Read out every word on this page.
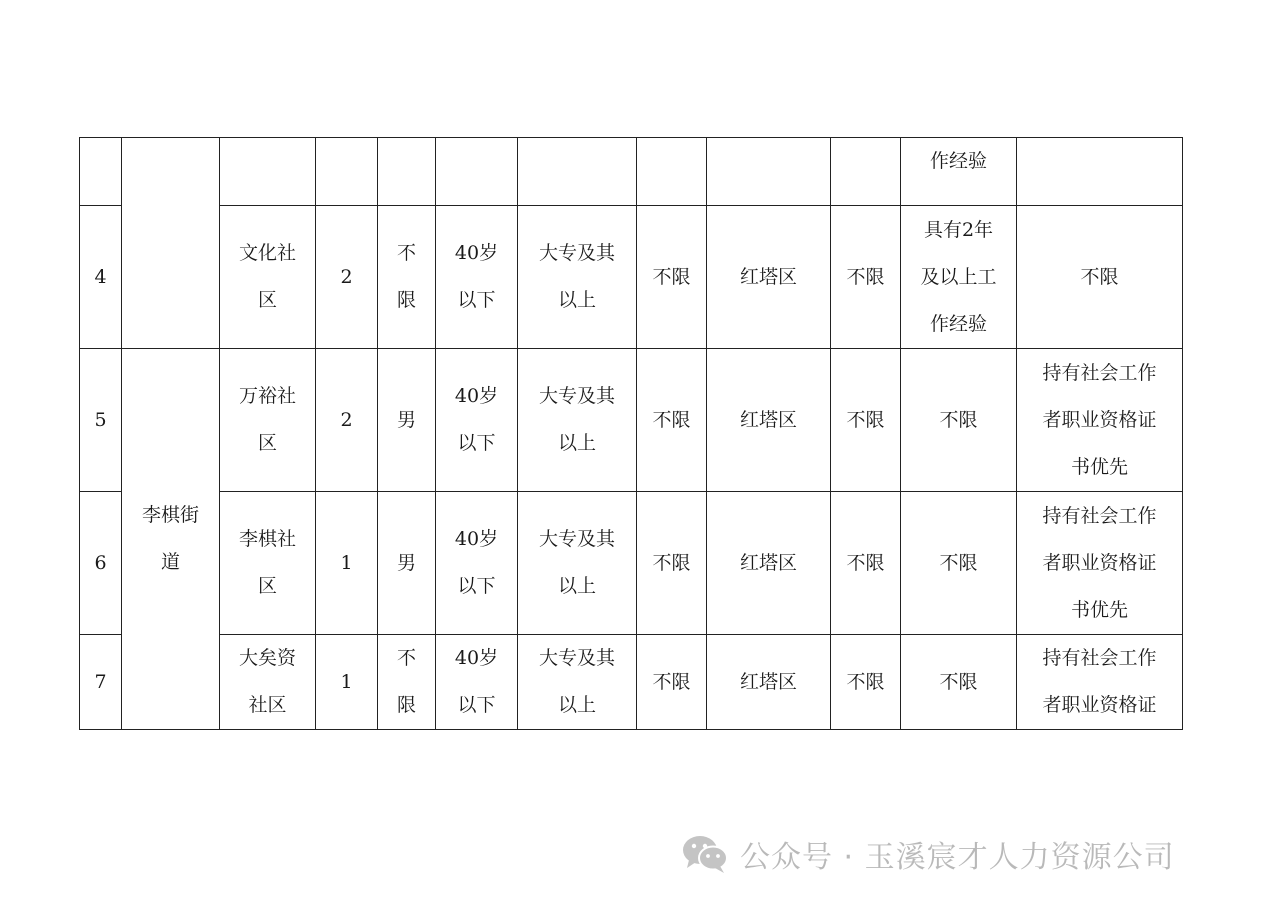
										作经验	
4		文化社区	2	不限	40岁以下	大专及其以上	不限	红塔区	不限	具有2年及以上工作经验	不限
5	李棋街道	万裕社区	2	男	40岁以下	大专及其以上	不限	红塔区	不限	不限	持有社会工作者职业资格证书优先
6		李棋社区	1	男	40岁以下	大专及其以上	不限	红塔区	不限	不限	持有社会工作者职业资格证书优先
7		大矣资社区	1	不限	40岁以下	大专及其以上	不限	红塔区	不限	不限	持有社会工作者职业资格证
公众号 · 玉溪宸才人力资源公司
